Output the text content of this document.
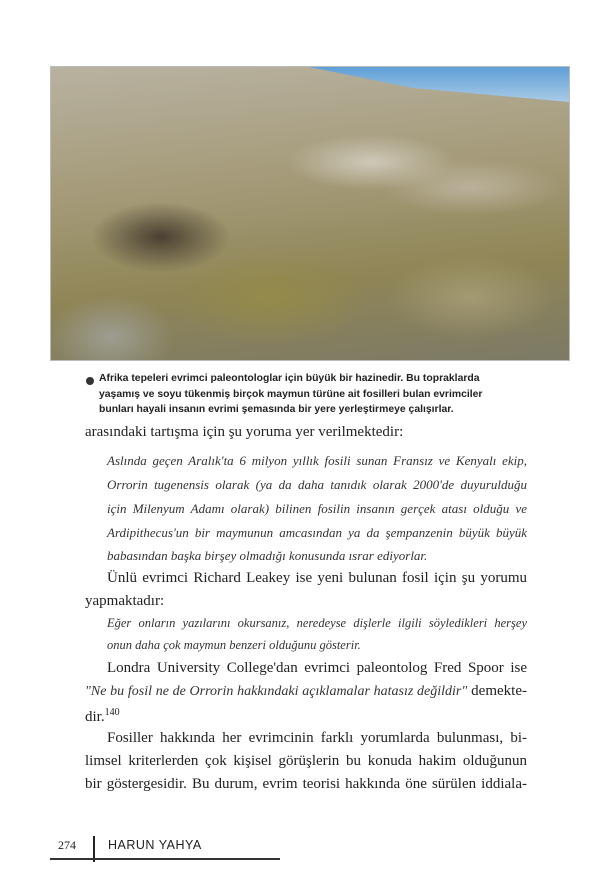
Afrika tepeleri evrimci paleontologlar için büyük bir hazinedir. Bu topraklarda
yaşamış ve soyu tükenmiş birçok maymun türüne ait fosilleri bulan evrimciler
bunları hayali insanın evrimi şemasında bir yere yerleştirmeye çalışırlar.
arasındaki tartışma için şu yoruma yer verilmektedir:
Aslında geçen Aralık'ta 6 milyon yıllık fosili sunan Fransız ve Kenyalı ekip,
Orrorin tugenensis olarak (ya da daha tanıdık olarak 2000'de duyurulduğu
için Milenyum Adamı olarak) bilinen fosilin insanın gerçek atası olduğu ve
Ardipithecus'un bir maymunun amcasından ya da şempanzenin büyük büyük
babasından başka birşey olmadığı konusunda ısrar ediyorlar.
Ünlü evrimci Richard Leakey ise yeni bulunan fosil için şu yorumu
yapmaktadır:
Eğer onların yazılarını okursanız, neredeyse dişlerle ilgili söyledikleri herşey
onun daha çok maymun benzeri olduğunu gösterir.
Londra University College'dan evrimci paleontolog Fred Spoor ise
"Ne bu fosil ne de Orrorin hakkındaki açıklamalar hatasız değildir" demekte-
dir.$^{140}$
Fosiller hakkında her evrimcinin farklı yorumlarda bulunması, bi-
limsel kriterlerden çok kişisel görüşlerin bu konuda hakim olduğunun
bir göstergesidir. Bu durum, evrim teorisi hakkında öne sürülen iddiala-
274	HARUN YAHYA
